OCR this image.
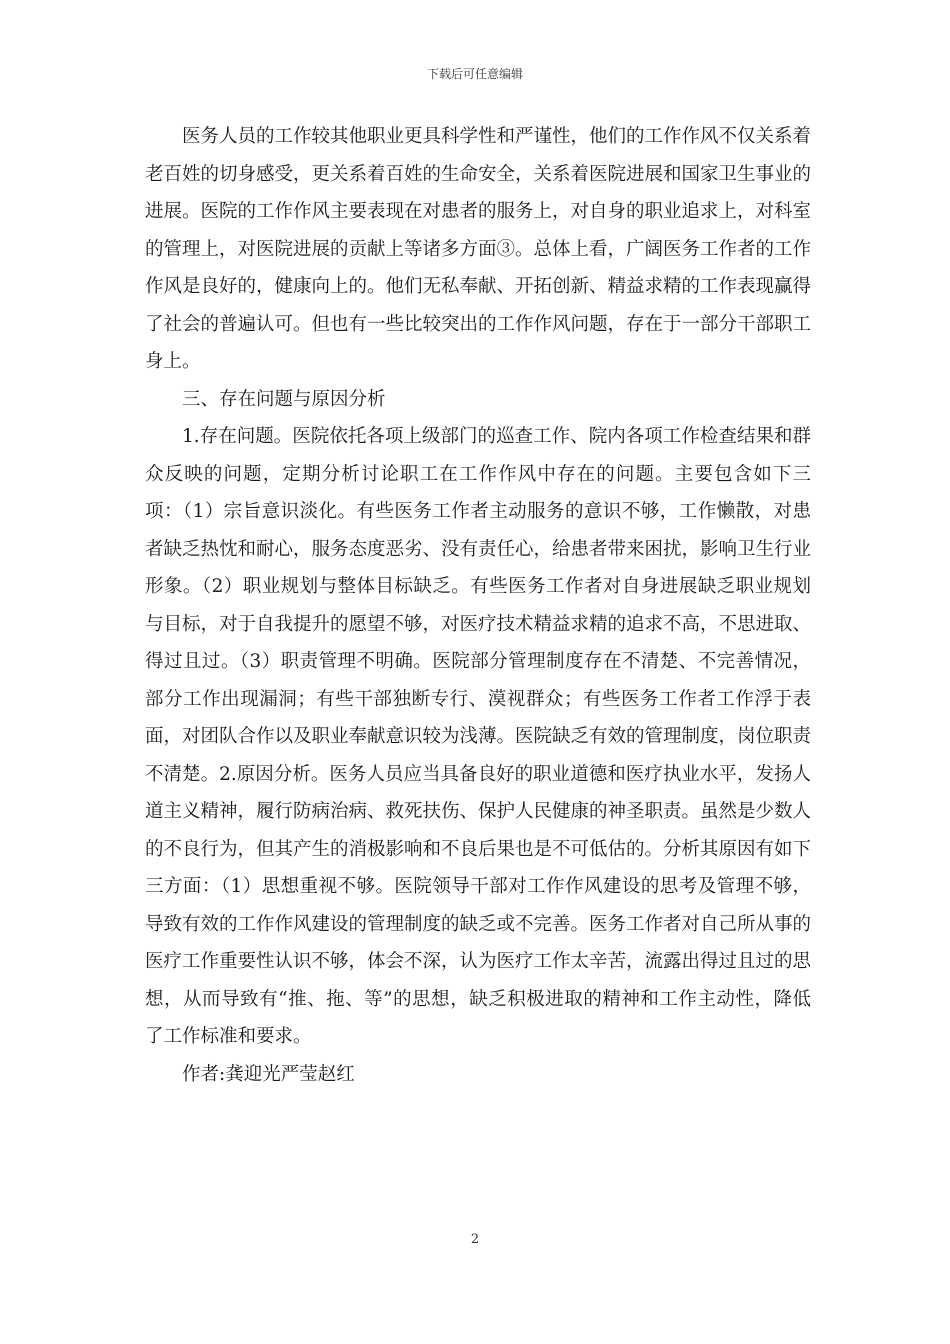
下载后可任意编辑

医务人员的工作较其他职业更具科学性和严谨性，他们的工作作风不仅关系着老百姓的切身感受，更关系着百姓的生命安全，关系着医院进展和国家卫生事业的进展。医院的工作作风主要表现在对患者的服务上，对自身的职业追求上，对科室的管理上，对医院进展的贡献上等诸多方面③。总体上看，广阔医务工作者的工作作风是良好的，健康向上的。他们无私奉献、开拓创新、精益求精的工作表现赢得了社会的普遍认可。但也有一些比较突出的工作作风问题，存在于一部分干部职工身上。

三、存在问题与原因分析

1.存在问题。医院依托各项上级部门的巡查工作、院内各项工作检查结果和群众反映的问题，定期分析讨论职工在工作作风中存在的问题。主要包含如下三项：（1）宗旨意识淡化。有些医务工作者主动服务的意识不够，工作懒散，对患者缺乏热忱和耐心，服务态度恶劣、没有责任心，给患者带来困扰，影响卫生行业形象。（2）职业规划与整体目标缺乏。有些医务工作者对自身进展缺乏职业规划与目标，对于自我提升的愿望不够，对医疗技术精益求精的追求不高，不思进取、得过且过。（3）职责管理不明确。医院部分管理制度存在不清楚、不完善情况，部分工作出现漏洞；有些干部独断专行、漠视群众；有些医务工作者工作浮于表面，对团队合作以及职业奉献意识较为浅薄。医院缺乏有效的管理制度，岗位职责不清楚。2.原因分析。医务人员应当具备良好的职业道德和医疗执业水平，发扬人道主义精神，履行防病治病、救死扶伤、保护人民健康的神圣职责。虽然是少数人的不良行为，但其产生的消极影响和不良后果也是不可低估的。分析其原因有如下三方面：（1）思想重视不够。医院领导干部对工作作风建设的思考及管理不够，导致有效的工作作风建设的管理制度的缺乏或不完善。医务工作者对自己所从事的医疗工作重要性认识不够，体会不深，认为医疗工作太辛苦，流露出得过且过的思想，从而导致有“推、拖、等”的思想，缺乏积极进取的精神和工作主动性，降低了工作标准和要求。

作者:龚迎光严莹赵红

2
